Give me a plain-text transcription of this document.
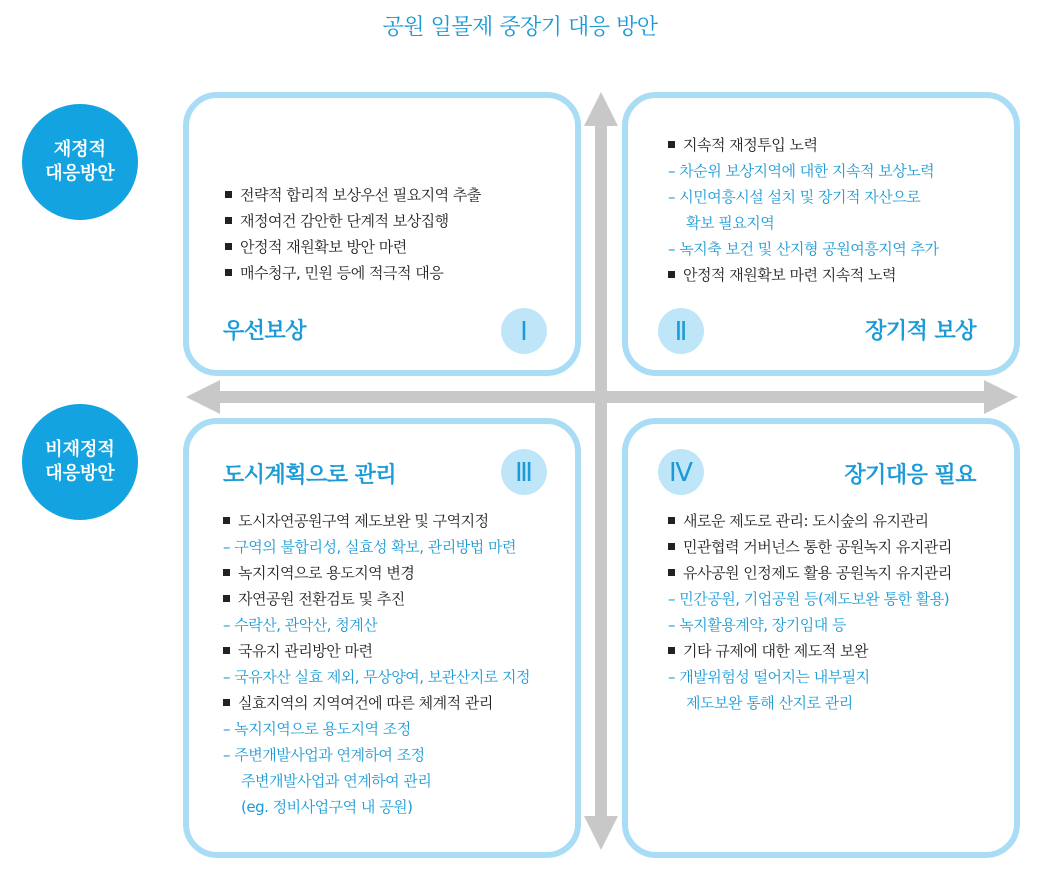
공원 일몰제 중장기 대응 방안
재정적
대응방안
비재정적
대응방안
전략적 합리적 보상우선 필요지역 추출
재정여건 감안한 단계적 보상집행
안정적 재원확보 방안 마련
매수청구, 민원 등에 적극적 대응
우선보상	Ⅰ
지속적 재정투입 노력
– 차순위 보상지역에 대한 지속적 보상노력
– 시민여흥시설 설치 및 장기적 자산으로
확보 필요지역
– 녹지축 보건 및 산지형 공원여흥지역 추가
안정적 재원확보 마련 지속적 노력
Ⅱ	장기적 보상
도시계획으로 관리	Ⅲ
도시자연공원구역 제도보완 및 구역지정
– 구역의 불합리성, 실효성 확보, 관리방법 마련
녹지지역으로 용도지역 변경
자연공원 전환검토 및 추진
– 수락산, 관악산, 청계산
국유지 관리방안 마련
– 국유자산 실효 제외, 무상양여, 보관산지로 지정
실효지역의 지역여건에 따른 체계적 관리
– 녹지지역으로 용도지역 조정
– 주변개발사업과 연계하여 조정
주변개발사업과 연계하여 관리
(eg. 정비사업구역 내 공원)
Ⅳ	장기대응 필요
새로운 제도로 관리: 도시숲의 유지관리
민관협력 거버넌스 통한 공원녹지 유지관리
유사공원 인정제도 활용 공원녹지 유지관리
– 민간공원, 기업공원 등(제도보완 통한 활용)
– 녹지활용계약, 장기임대 등
기타 규제에 대한 제도적 보완
– 개발위험성 떨어지는 내부필지
제도보완 통해 산지로 관리
